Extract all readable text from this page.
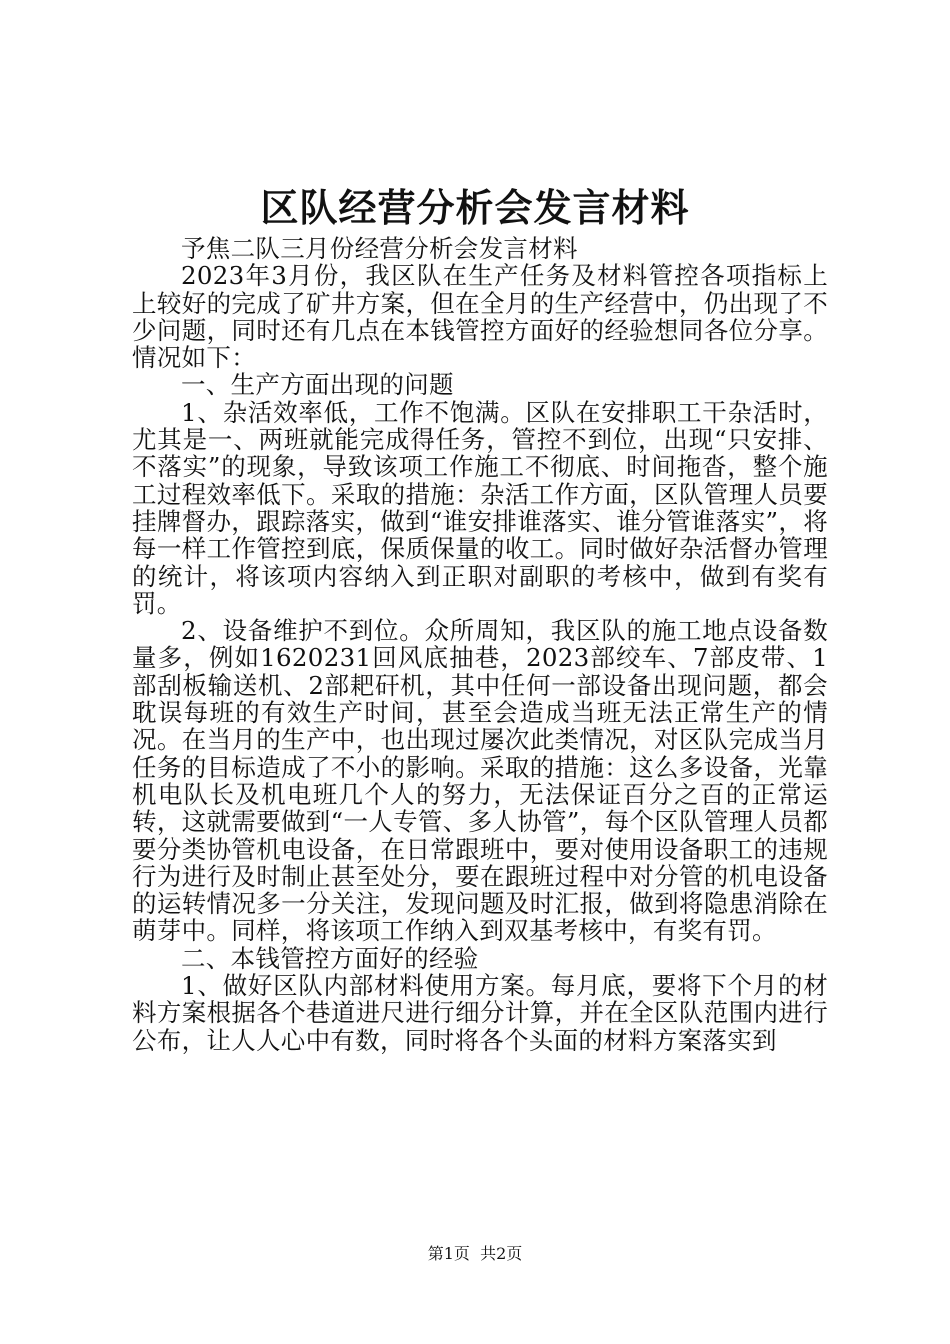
区队经营分析会发言材料

予焦二队三月份经营分析会发言材料

2023年3月份，我区队在生产任务及材料管控各项指标上上较好的完成了矿井方案，但在全月的生产经营中，仍出现了不少问题，同时还有几点在本钱管控方面好的经验想同各位分享。情况如下：

一、生产方面出现的问题

1、杂活效率低，工作不饱满。区队在安排职工干杂活时，尤其是一、两班就能完成得任务，管控不到位，出现“只安排、不落实”的现象，导致该项工作施工不彻底、时间拖沓，整个施工过程效率低下。采取的措施：杂活工作方面，区队管理人员要挂牌督办，跟踪落实，做到“谁安排谁落实、谁分管谁落实”，将每一样工作管控到底，保质保量的收工。同时做好杂活督办管理的统计，将该项内容纳入到正职对副职的考核中，做到有奖有罚。

2、设备维护不到位。众所周知，我区队的施工地点设备数量多，例如1620231回风底抽巷，2023部绞车、7部皮带、1部刮板输送机、2部耙矸机，其中任何一部设备出现问题，都会耽误每班的有效生产时间，甚至会造成当班无法正常生产的情况。在当月的生产中，也出现过屡次此类情况，对区队完成当月任务的目标造成了不小的影响。采取的措施：这么多设备，光靠机电队长及机电班几个人的努力，无法保证百分之百的正常运转，这就需要做到“一人专管、多人协管”，每个区队管理人员都要分类协管机电设备，在日常跟班中，要对使用设备职工的违规行为进行及时制止甚至处分，要在跟班过程中对分管的机电设备的运转情况多一分关注，发现问题及时汇报，做到将隐患消除在萌芽中。同样，将该项工作纳入到双基考核中，有奖有罚。

二、本钱管控方面好的经验

1、做好区队内部材料使用方案。每月底，要将下个月的材料方案根据各个巷道进尺进行细分计算，并在全区队范围内进行公布，让人人心中有数，同时将各个头面的材料方案落实到

第1页  共2页
